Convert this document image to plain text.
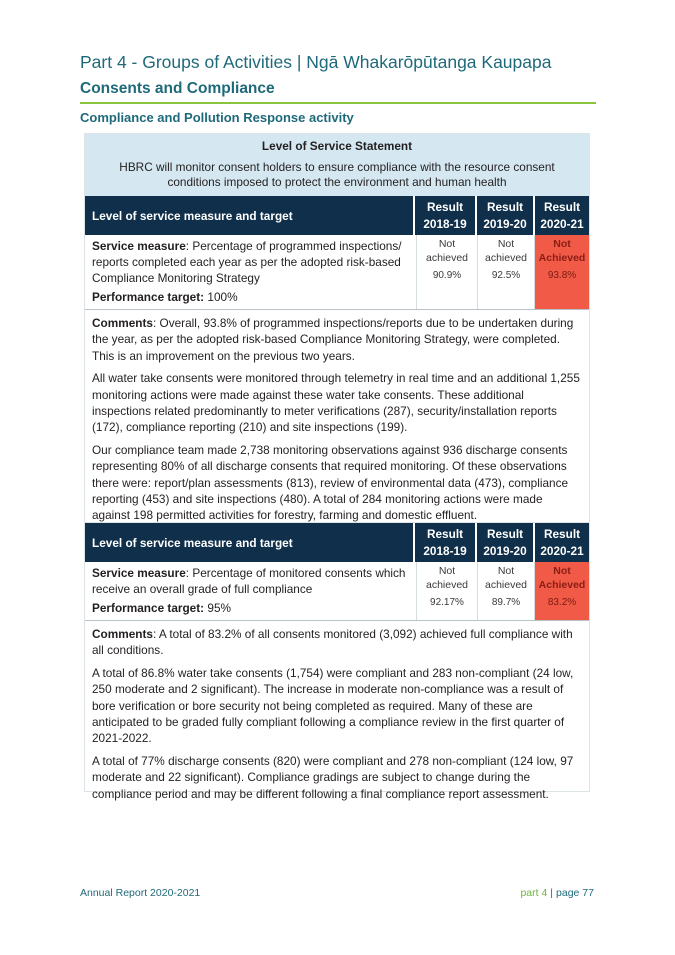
Part 4 - Groups of Activities | Ngā Whakarōpūtanga Kaupapa
Consents and Compliance
Compliance and Pollution Response activity
Level of Service Statement
HBRC will monitor consent holders to ensure compliance with the resource consent conditions imposed to protect the environment and human health
Level of service measure and target
Result
2018-19
Result
2019-20
Result
2020-21
Service measure: Percentage of programmed inspections/ reports completed each year as per the adopted risk-based Compliance Monitoring Strategy
Performance target: 100%
Not
achieved
90.9%
Not
achieved
92.5%
Not
Achieved
93.8%

Comments: Overall, 93.8% of programmed inspections/reports due to be undertaken during the year, as per the adopted risk-based Compliance Monitoring Strategy, were completed. This is an improvement on the previous two years.

All water take consents were monitored through telemetry in real time and an additional 1,255 monitoring actions were made against these water take consents. These additional inspections related predominantly to meter verifications (287), security/installation reports (172), compliance reporting (210) and site inspections (199).

Our compliance team made 2,738 monitoring observations against 936 discharge consents representing 80% of all discharge consents that required monitoring. Of these observations there were: report/plan assessments (813), review of environmental data (473), compliance reporting (453) and site inspections (480). A total of 284 monitoring actions were made against 198 permitted activities for forestry, farming and domestic effluent.

Level of service measure and target
Result
2018-19
Result
2019-20
Result
2020-21
Service measure: Percentage of monitored consents which receive an overall grade of full compliance
Performance target: 95%
Not
achieved
92.17%
Not
achieved
89.7%
Not
Achieved
83.2%

Comments: A total of 83.2% of all consents monitored (3,092) achieved full compliance with all conditions.

A total of 86.8% water take consents (1,754) were compliant and 283 non-compliant (24 low, 250 moderate and 2 significant). The increase in moderate non-compliance was a result of bore verification or bore security not being completed as required. Many of these are anticipated to be graded fully compliant following a compliance review in the first quarter of 2021-2022.

A total of 77% discharge consents (820) were compliant and 278 non-compliant (124 low, 97 moderate and 22 significant). Compliance gradings are subject to change during the compliance period and may be different following a final compliance report assessment.

Annual Report 2020-2021	part 4 | page 77
